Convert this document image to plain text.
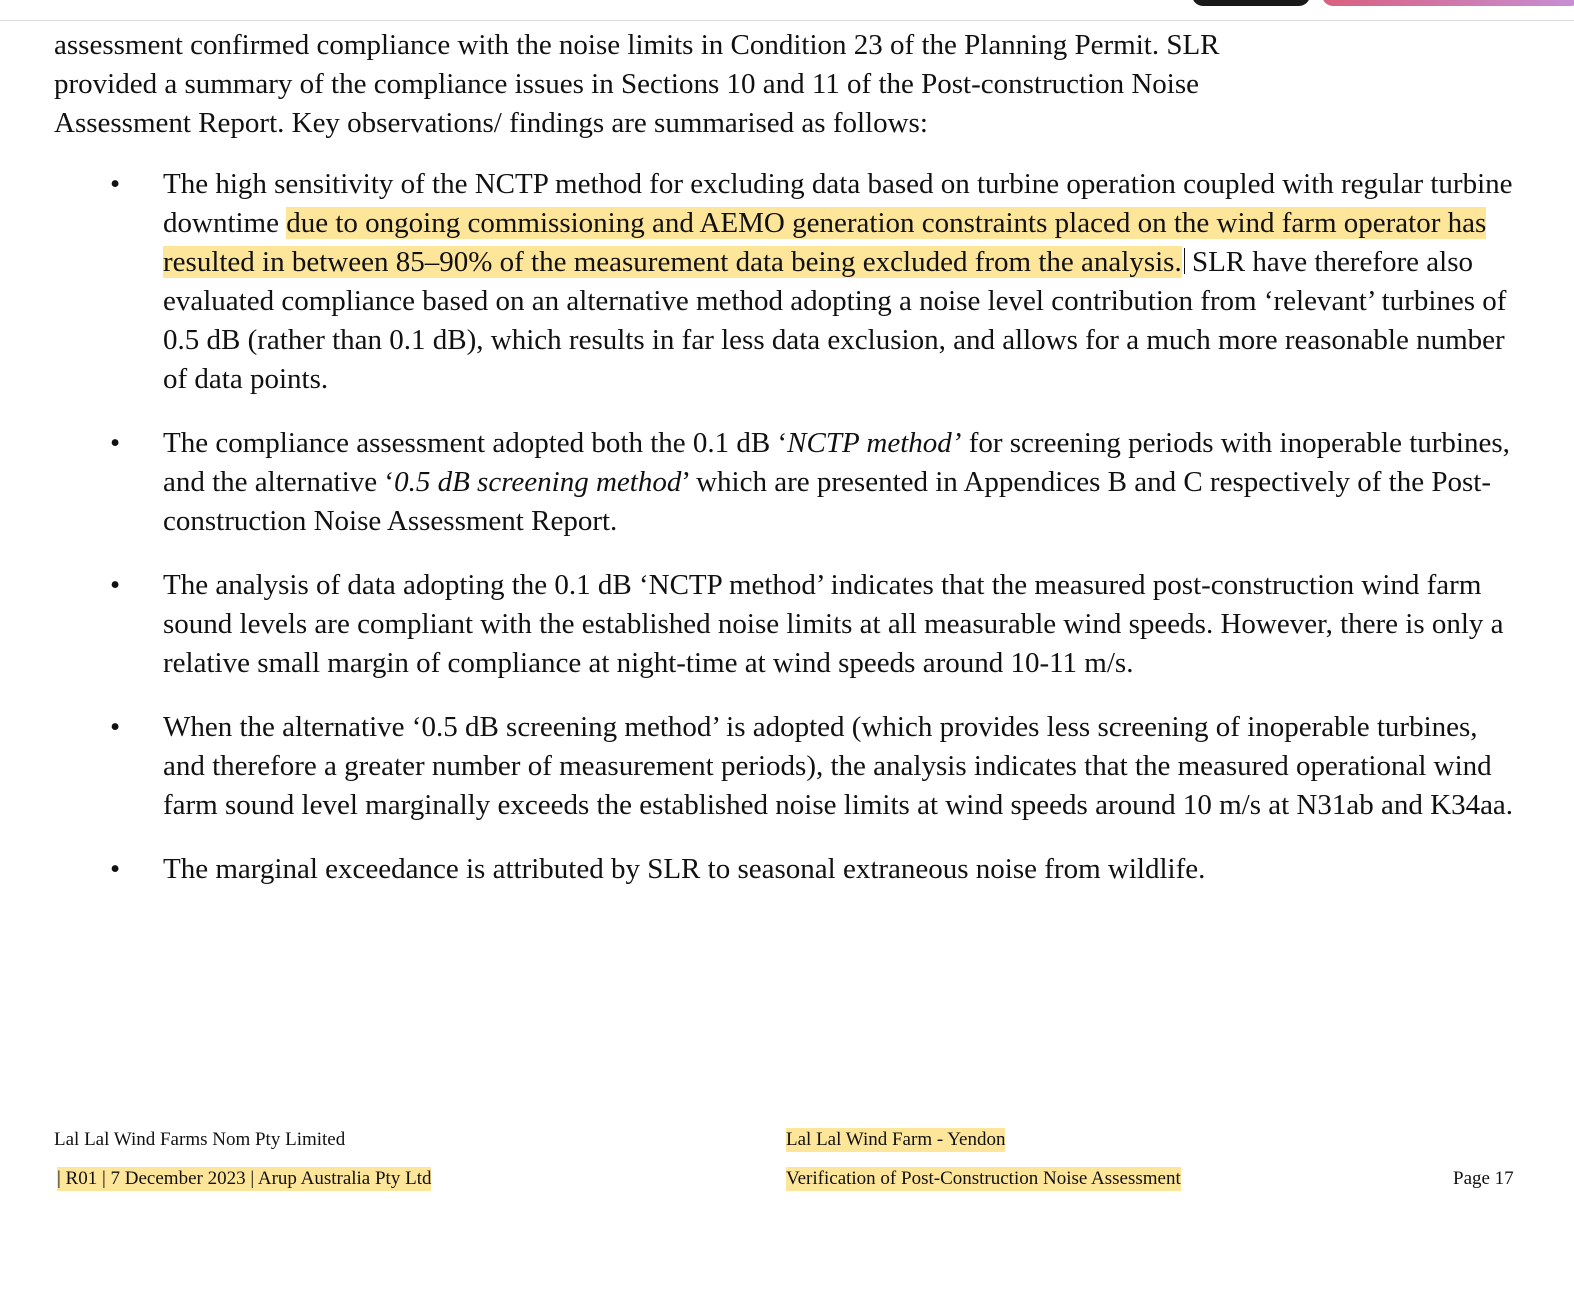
assessment confirmed compliance with the noise limits in Condition 23 of the Planning Permit. SLR
provided a summary of the compliance issues in Sections 10 and 11 of the Post-construction Noise
Assessment Report. Key observations/ findings are summarised as follows:

• The high sensitivity of the NCTP method for excluding data based on turbine operation coupled with regular turbine downtime due to ongoing commissioning and AEMO generation constraints placed on the wind farm operator has resulted in between 85–90% of the measurement data being excluded from the analysis. SLR have therefore also evaluated compliance based on an alternative method adopting a noise level contribution from ‘relevant’ turbines of 0.5 dB (rather than 0.1 dB), which results in far less data exclusion, and allows for a much more reasonable number of data points.
• The compliance assessment adopted both the 0.1 dB ‘NCTP method’ for screening periods with inoperable turbines, and the alternative ‘0.5 dB screening method’ which are presented in Appendices B and C respectively of the Post-construction Noise Assessment Report.
• The analysis of data adopting the 0.1 dB ‘NCTP method’ indicates that the measured post-construction wind farm sound levels are compliant with the established noise limits at all measurable wind speeds. However, there is only a relative small margin of compliance at night-time at wind speeds around 10-11 m/s.
• When the alternative ‘0.5 dB screening method’ is adopted (which provides less screening of inoperable turbines, and therefore a greater number of measurement periods), the analysis indicates that the measured operational wind farm sound level marginally exceeds the established noise limits at wind speeds around 10 m/s at N31ab and K34aa.
• The marginal exceedance is attributed by SLR to seasonal extraneous noise from wildlife.
Lal Lal Wind Farms Nom Pty Limited
| R01 | 7 December 2023 | Arup Australia Pty Ltd
Lal Lal Wind Farm - Yendon
Verification of Post-Construction Noise Assessment	Page 17
